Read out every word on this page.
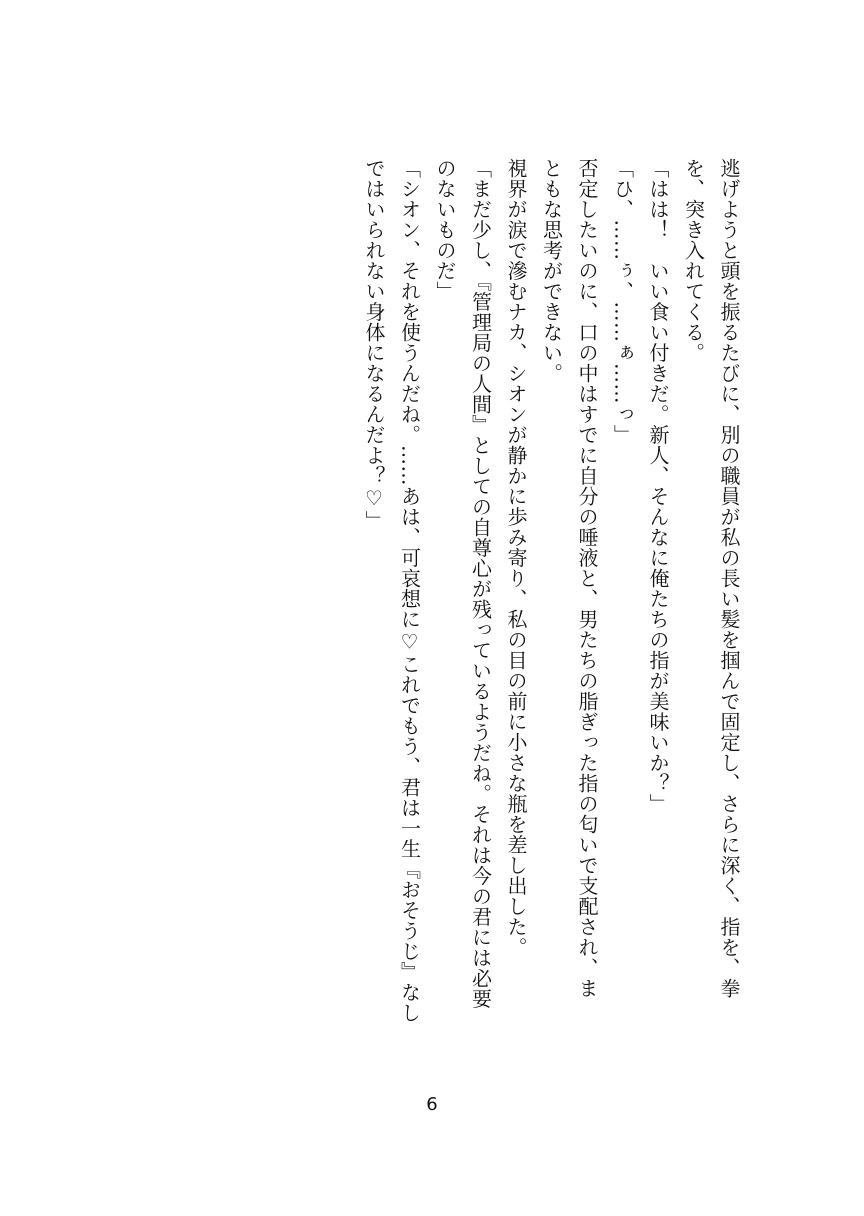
逃げようと頭を振るたびに、別の職員が私の長い髪を掴んで固定し、さらに深く、指を、拳

を、突き入れてくる。

「はは！　いい食い付きだ。新人、そんなに俺たちの指が美味いか？」

「ひ、……ぅ、……ぁ……っ」

否定したいのに、口の中はすでに自分の唾液と、男たちの脂ぎった指の匂いで支配され、ま

ともな思考ができない。

視界が涙で滲むナカ、シオンが静かに歩み寄り、私の目の前に小さな瓶を差し出した。

「まだ少し、『管理局の人間』としての自尊心が残っているようだね。それは今の君には必要

のないものだ」

「シオン、それを使うんだね。……あは、可哀想に♡これでもう、君は一生『おそうじ』なし

ではいられない身体になるんだよ？♡」

6
